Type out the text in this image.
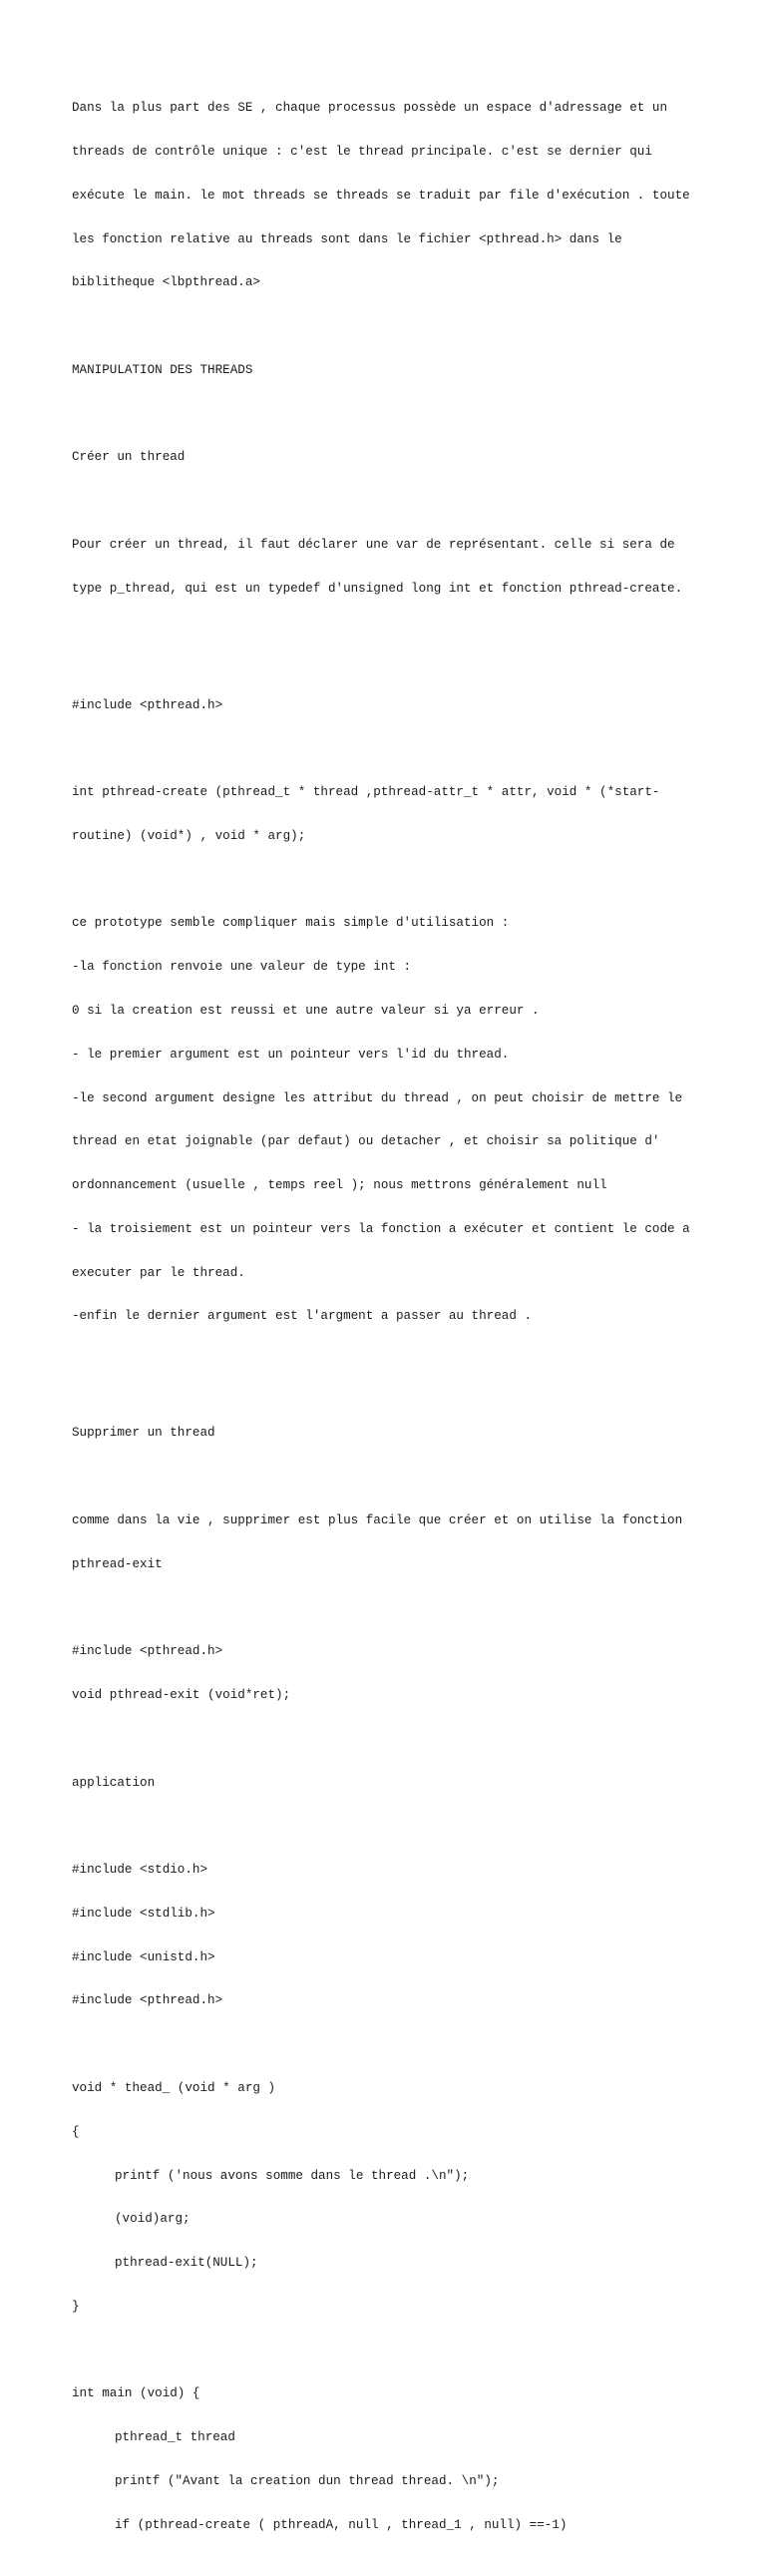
Dans la plus part des SE , chaque processus possède un espace d'adressage et un

threads de contrôle unique : c'est le thread principale. c'est se dernier qui

exécute le main. le mot threads se threads se traduit par file d'exécution . toute

les fonction relative au threads sont dans le fichier <pthread.h> dans le

biblitheque <lbpthread.a>

MANIPULATION DES THREADS

Créer un thread

Pour créer un thread, il faut déclarer une var de représentant. celle si sera de

type p_thread, qui est un typedef d'unsigned long int et fonction pthread-create.

#include <pthread.h>

int pthread-create (pthread_t * thread ,pthread-attr_t * attr, void * (*start-

routine) (void*) , void * arg);

ce prototype semble compliquer mais simple d'utilisation :

-la fonction renvoie une valeur de type int :

0 si la creation est reussi et une autre valeur si ya erreur .

- le premier argument est un pointeur vers l'id du thread.

-le second argument designe les attribut du thread , on peut choisir de mettre le

thread en etat joignable (par defaut) ou detacher , et choisir sa politique d'

ordonnancement (usuelle , temps reel ); nous mettrons généralement null

- la troisiement est un pointeur vers la fonction a exécuter et contient le code a

executer par le thread.

-enfin le dernier argument est l'argment a passer au thread .

Supprimer un thread

comme dans la vie , supprimer est plus facile que créer et on utilise la fonction

pthread-exit

#include <pthread.h>

void pthread-exit (void*ret);

application

#include <stdio.h>

#include <stdlib.h>

#include <unistd.h>

#include <pthread.h>

void * thead_ (void * arg )

{

printf ('nous avons somme dans le thread .\n");

(void)arg;

pthread-exit(NULL);

}

int main (void) {

pthread_t thread

printf ("Avant la creation dun thread thread. \n");

if (pthread-create ( pthreadA, null , thread_1 , null) ==-1)
